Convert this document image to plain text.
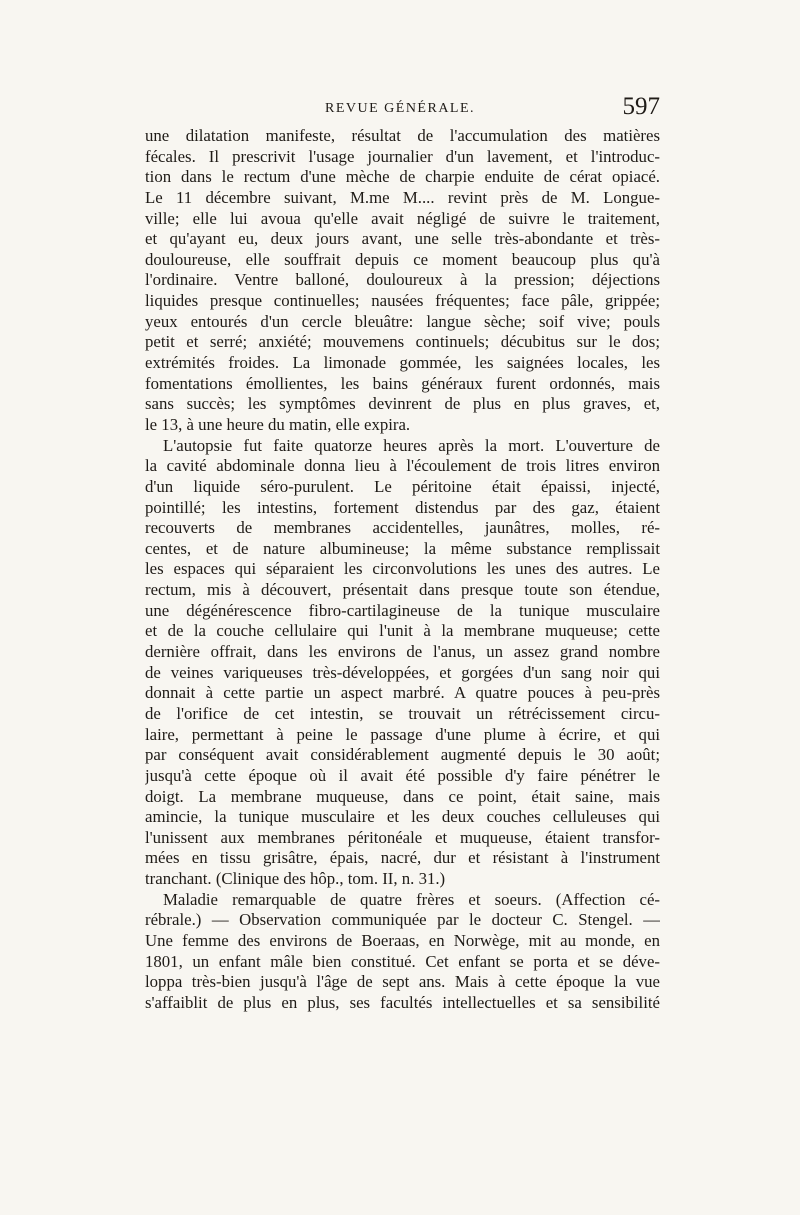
REVUE GÉNÉRALE.	597
une dilatation manifeste, résultat de l'accumulation des matières
fécales. Il prescrivit l'usage journalier d'un lavement, et l'introduc-
tion dans le rectum d'une mèche de charpie enduite de cérat opiacé.
Le 11 décembre suivant, M.me M.... revint près de M. Longue-
ville; elle lui avoua qu'elle avait négligé de suivre le traitement,
et qu'ayant eu, deux jours avant, une selle très-abondante et très-
douloureuse, elle souffrait depuis ce moment beaucoup plus qu'à
l'ordinaire. Ventre balloné, douloureux à la pression; déjections
liquides presque continuelles; nausées fréquentes; face pâle, grippée;
yeux entourés d'un cercle bleuâtre: langue sèche; soif vive; pouls
petit et serré; anxiété; mouvemens continuels; décubitus sur le dos;
extrémités froides. La limonade gommée, les saignées locales, les
fomentations émollientes, les bains généraux furent ordonnés, mais
sans succès; les symptômes devinrent de plus en plus graves, et,
le 13, à une heure du matin, elle expira.
L'autopsie fut faite quatorze heures après la mort. L'ouverture de
la cavité abdominale donna lieu à l'écoulement de trois litres environ
d'un liquide séro-purulent. Le péritoine était épaissi, injecté,
pointillé; les intestins, fortement distendus par des gaz, étaient
recouverts de membranes accidentelles, jaunâtres, molles, ré-
centes, et de nature albumineuse; la même substance remplissait
les espaces qui séparaient les circonvolutions les unes des autres. Le
rectum, mis à découvert, présentait dans presque toute son étendue,
une dégénérescence fibro-cartilagineuse de la tunique musculaire
et de la couche cellulaire qui l'unit à la membrane muqueuse; cette
dernière offrait, dans les environs de l'anus, un assez grand nombre
de veines variqueuses très-développées, et gorgées d'un sang noir qui
donnait à cette partie un aspect marbré. A quatre pouces à peu-près
de l'orifice de cet intestin, se trouvait un rétrécissement circu-
laire, permettant à peine le passage d'une plume à écrire, et qui
par conséquent avait considérablement augmenté depuis le 30 août;
jusqu'à cette époque où il avait été possible d'y faire pénétrer le
doigt. La membrane muqueuse, dans ce point, était saine, mais
amincie, la tunique musculaire et les deux couches celluleuses qui
l'unissent aux membranes péritonéale et muqueuse, étaient transfor-
mées en tissu grisâtre, épais, nacré, dur et résistant à l'instrument
tranchant. (Clinique des hôp., tom. II, n. 31.)
Maladie remarquable de quatre frères et soeurs. (Affection cé-
rébrale.) — Observation communiquée par le docteur C. Stengel. —
Une femme des environs de Boeraas, en Norwège, mit au monde, en
1801, un enfant mâle bien constitué. Cet enfant se porta et se déve-
loppa très-bien jusqu'à l'âge de sept ans. Mais à cette époque la vue
s'affaiblit de plus en plus, ses facultés intellectuelles et sa sensibilité
